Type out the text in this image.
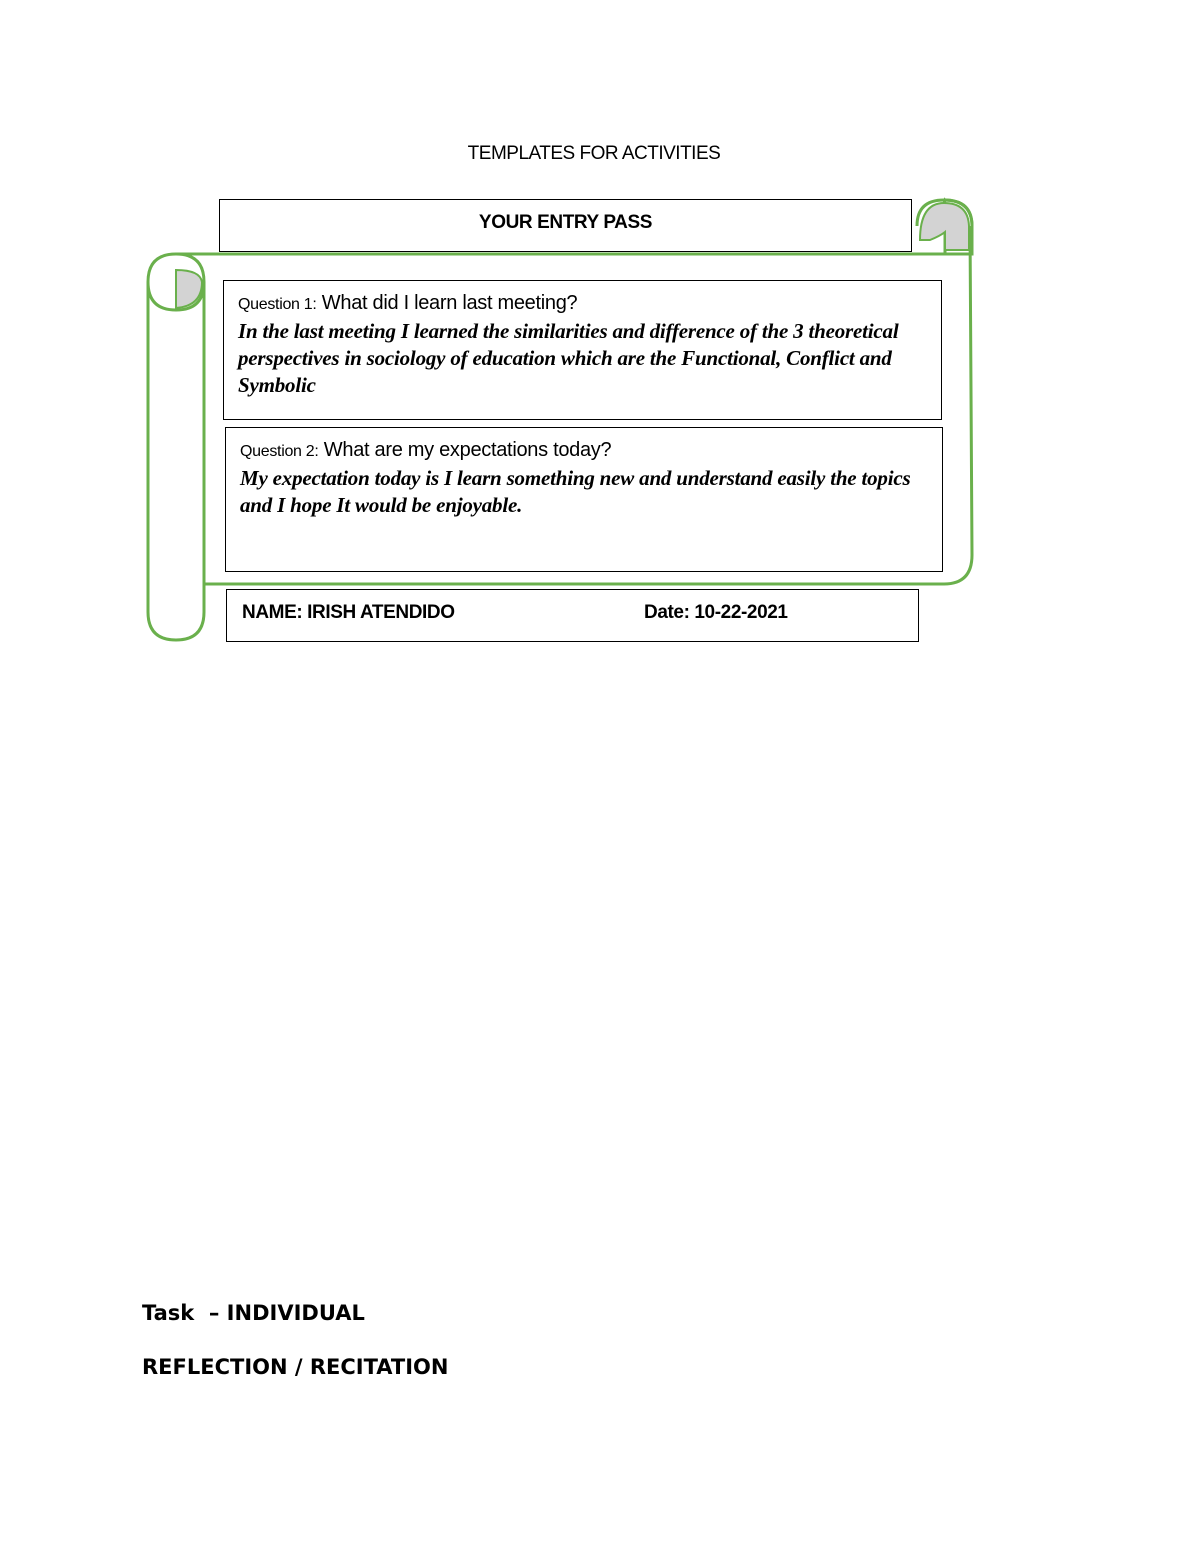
TEMPLATES FOR ACTIVITIES
YOUR ENTRY PASS
Question 1: What did I learn last meeting?
In the last meeting I learned the similarities and difference of the 3 theoretical perspectives in sociology of education which are the Functional, Conflict and Symbolic
Question 2: What are my expectations today?
My expectation today is I learn something new and understand easily the topics and I hope It would be enjoyable.
NAME: IRISH ATENDIDO	Date: 10-22-2021
Task  – INDIVIDUAL
REFLECTION / RECITATION
